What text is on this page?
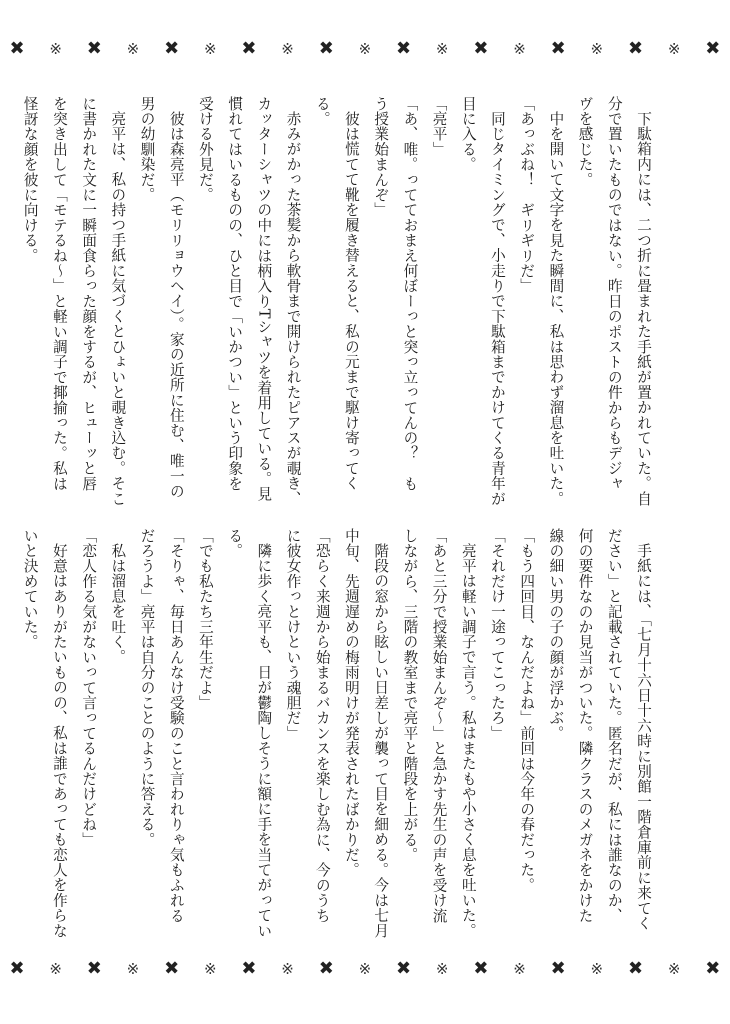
✖	※ ✖	※ ✖	※ ✖	※ ✖	※ ✖	※ ✖	※ ✖	※ ✖	※ ✖
✖	※ ✖	※ ✖	※ ✖	※ ✖	※ ✖	※ ✖	※ ✖	※ ✖	※ ✖

下駄箱内には、二つ折に畳まれた手紙が置かれていた。自分で置いたものではない。昨日のポストの件からもデジャヴを感じた。

中を開いて文字を見た瞬間に、私は思わず溜息を吐いた。

「あっぶね！　ギリギリだ」

同じタイミングで、小走りで下駄箱までかけてくる青年が目に入る。

「亮平」

「あ、唯。ってておまえ何ぼーっと突っ立ってんの？　もう授業始まんぞ」

彼は慌てて靴を履き替えると、私の元まで駆け寄ってくる。

赤みがかった茶髪から軟骨まで開けられたピアスが覗き、カッターシャツの中には柄入りTシャツを着用している。見慣れてはいるものの、ひと目で「いかつい」という印象を受ける外見だ。

彼は森亮平（モリリョウヘイ）。家の近所に住む、唯一の男の幼馴染だ。

亮平は、私の持つ手紙に気づくとひょいと覗き込む。そこに書かれた文に一瞬面食らった顔をするが、ヒューッと唇を突き出して「モテるね～」と軽い調子で揶揄った。私は怪訝な顔を彼に向ける。

手紙には、「七月十六日十六時に別館一階倉庫前に来てください」と記載されていた。匿名だが、私には誰なのか、何の要件なのか見当がついた。隣クラスのメガネをかけた線の細い男の子の顔が浮かぶ。

「もう四回目、なんだよね」前回は今年の春だった。

「それだけ一途ってこったろ」

亮平は軽い調子で言う。私はまたもや小さく息を吐いた。

「あと三分で授業始まんぞ～」と急かす先生の声を受け流しながら、三階の教室まで亮平と階段を上がる。

階段の窓から眩しい日差しが襲って目を細める。今は七月中旬、先週遅めの梅雨明けが発表されたばかりだ。

「恐らく来週から始まるバカンスを楽しむ為に、今のうちに彼女作っとけという魂胆だ」

隣に歩く亮平も、日が鬱陶しそうに額に手を当てがっている。

「でも私たち三年生だよ」

「そりゃ、毎日あんなけ受験のこと言われりゃ気もふれるだろうよ」亮平は自分のことのように答える。

私は溜息を吐く。

「恋人作る気がないって言ってるんだけどね」

好意はありがたいものの、私は誰であっても恋人を作らないと決めていた。
